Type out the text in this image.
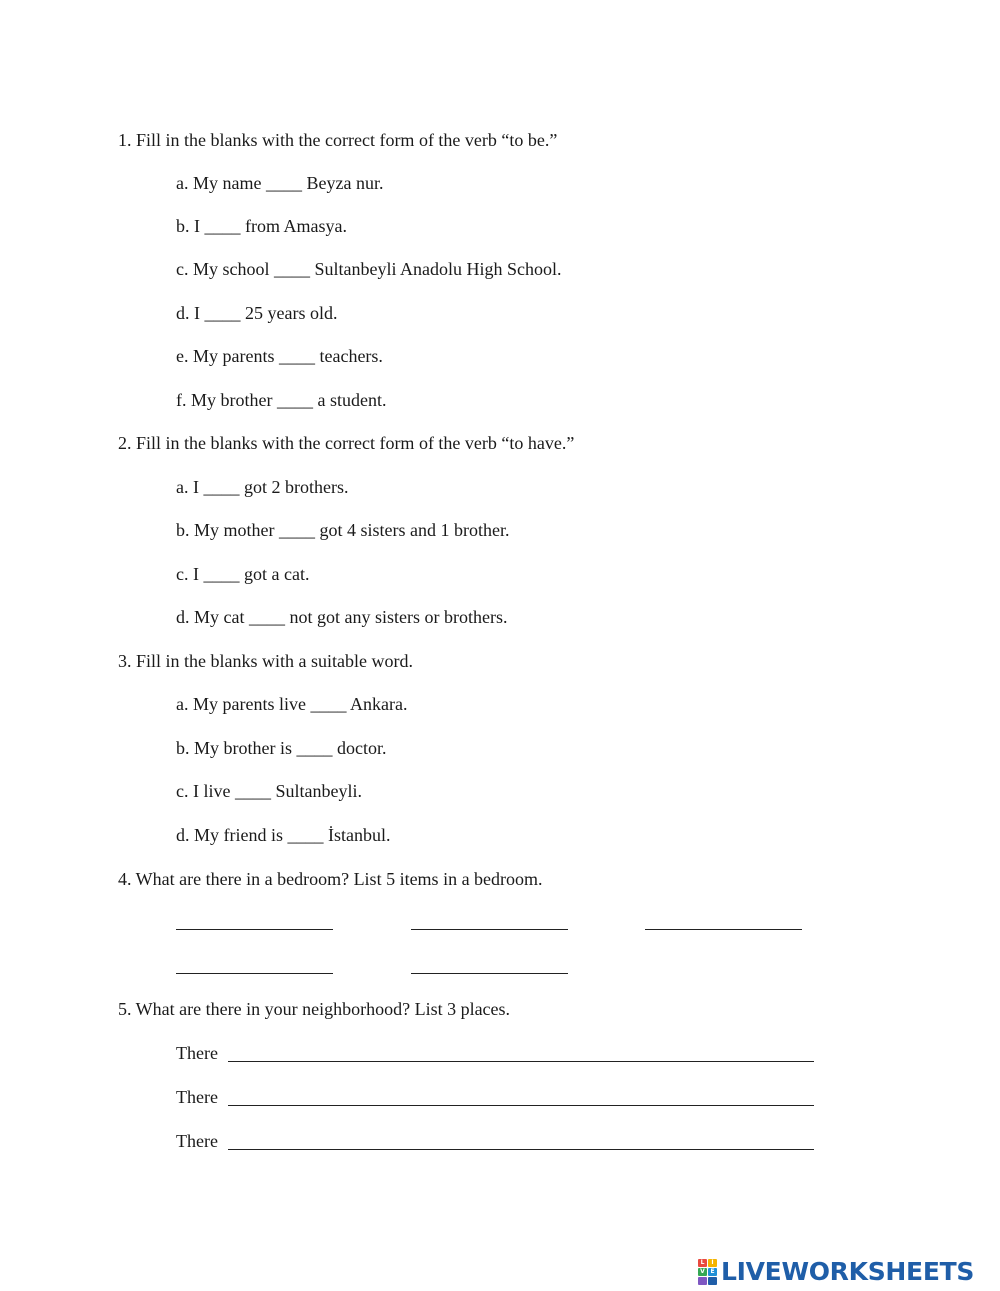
1. Fill in the blanks with the correct form of the verb “to be.”
a. My name ____ Beyza nur.
b. I ____ from Amasya.
c. My school ____ Sultanbeyli Anadolu High School.
d. I ____ 25 years old.
e. My parents ____ teachers.
f. My brother ____ a student.
2. Fill in the blanks with the correct form of the verb “to have.”
a. I ____ got 2 brothers.
b. My mother ____ got 4 sisters and 1 brother.
c. I ____ got a cat.
d. My cat ____ not got any sisters or brothers.
3. Fill in the blanks with a suitable word.
a. My parents live ____ Ankara.
b. My brother is ____ doctor.
c. I live ____ Sultanbeyli.
d. My friend is ____ İstanbul.
4. What are there in a bedroom? List 5 items in a bedroom.
5. What are there in your neighborhood? List 3 places.
There
There
There
L	I
V E LIVEWORKSHEETS
